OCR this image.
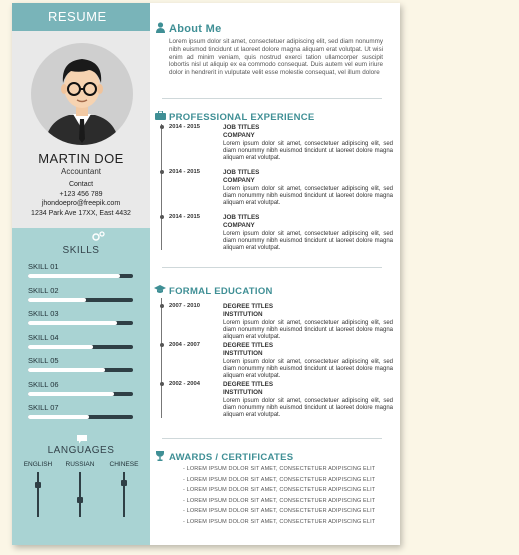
RESUME
MARTIN DOE
Accountant
Contact
+123 456 789
jhondoepro@freepik.com
1234 Park Ave 17XX, East 4432
SKILLS
SKILL 01
SKILL 02
SKILL 03
SKILL 04
SKILL 05
SKILL 06
SKILL 07
LANGUAGES
ENGLISH	RUSSIAN	CHINESE
About Me
Lorem ipsum dolor sit amet, consectetuer adipiscing elit, sed diam nonummy nibh euismod tincidunt ut laoreet dolore magna aliquam erat volutpat. Ut wisi enim ad minim veniam, quis nostrud exerci tation ullamcorper suscipit lobortis nisl ut aliquip ex ea commodo consequat. Duis autem vel eum iriure dolor in hendrerit in vulputate velit esse molestie consequat, vel illum dolore
PROFESSIONAL EXPERIENCE
2014 - 2015	JOB TITLES
COMPANY
Lorem ipsum dolor sit amet, consectetuer adipiscing elit, sed diam nonummy nibh euismod tincidunt ut laoreet dolore magna aliquam erat volutpat.
2014 - 2015	JOB TITLES
COMPANY
Lorem ipsum dolor sit amet, consectetuer adipiscing elit, sed diam nonummy nibh euismod tincidunt ut laoreet dolore magna aliquam erat volutpat.
2014 - 2015	JOB TITLES
COMPANY
Lorem ipsum dolor sit amet, consectetuer adipiscing elit, sed diam nonummy nibh euismod tincidunt ut laoreet dolore magna aliquam erat volutpat.
FORMAL EDUCATION
2007 - 2010	DEGREE TITLES
INSTITUTION
Lorem ipsum dolor sit amet, consectetuer adipiscing elit, sed diam nonummy nibh euismod tincidunt ut laoreet dolore magna aliquam erat volutpat.
2004 - 2007	DEGREE TITLES
INSTITUTION
Lorem ipsum dolor sit amet, consectetuer adipiscing elit, sed diam nonummy nibh euismod tincidunt ut laoreet dolore magna aliquam erat volutpat.
2002 - 2004	DEGREE TITLES
INSTITUTION
Lorem ipsum dolor sit amet, consectetuer adipiscing elit, sed diam nonummy nibh euismod tincidunt ut laoreet dolore magna aliquam erat volutpat.
AWARDS / CERTIFICATES
- LOREM IPSUM DOLOR SIT AMET, CONSECTETUER ADIPISCING ELIT
- LOREM IPSUM DOLOR SIT AMET, CONSECTETUER ADIPISCING ELIT
- LOREM IPSUM DOLOR SIT AMET, CONSECTETUER ADIPISCING ELIT
- LOREM IPSUM DOLOR SIT AMET, CONSECTETUER ADIPISCING ELIT
- LOREM IPSUM DOLOR SIT AMET, CONSECTETUER ADIPISCING ELIT
- LOREM IPSUM DOLOR SIT AMET, CONSECTETUER ADIPISCING ELIT
